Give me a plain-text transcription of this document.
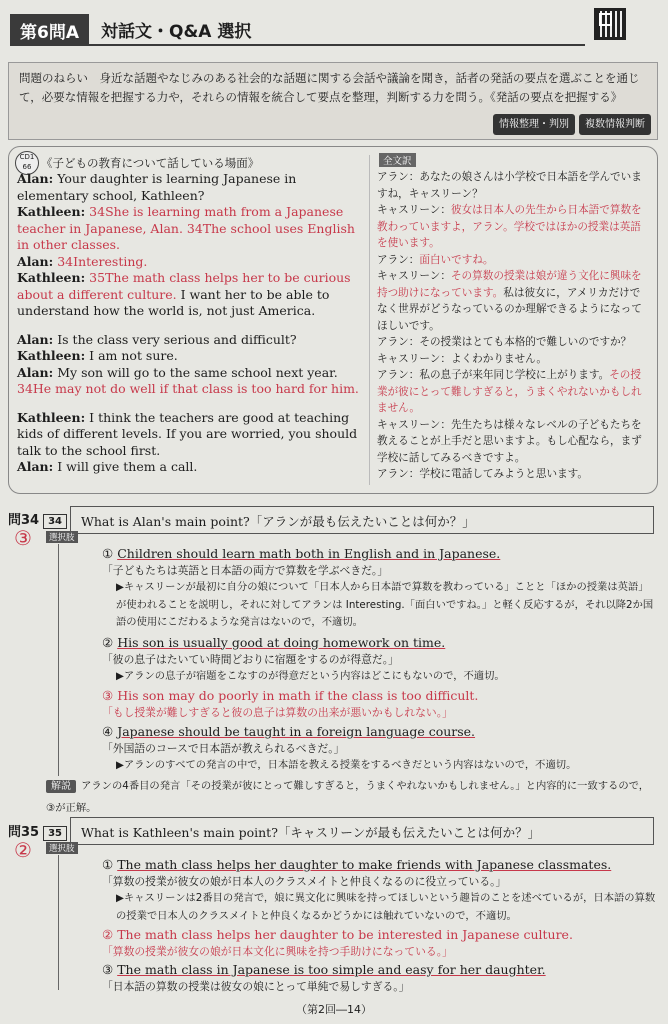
第6問A	対話文・Q&A 選択
問題のねらい　身近な話題やなじみのある社会的な話題に関する会話や議論を聞き，話者の発話の要点を選ぶことを通じて，必要な情報を把握する力や，それらの情報を統合して要点を整理，判断する力を問う。《発話の要点を把握する》
情報整理・判別	複数情報判断
CD1 66 《子どもの教育について話している場面》	全文訳
Alan: Your daughter is learning Japanese in elementary school, Kathleen?
Kathleen: 34She is learning math from a Japanese teacher in Japanese, Alan. 34The school uses English in other classes.
Alan: 34Interesting.
Kathleen: 35The math class helps her to be curious about a different culture. I want her to be able to understand how the world is, not just America.
Alan: Is the class very serious and difficult?
Kathleen: I am not sure.
Alan: My son will go to the same school next year. 34He may not do well if that class is too hard for him.
Kathleen: I think the teachers are good at teaching kids of different levels. If you are worried, you should talk to the school first.
Alan: I will give them a call.
アラン：あなたの娘さんは小学校で日本語を学んでいますね，キャスリーン？
キャスリーン：彼女は日本人の先生から日本語で算数を教わっていますよ，アラン。学校ではほかの授業は英語を使います。
アラン：面白いですね。
キャスリーン：その算数の授業は娘が違う文化に興味を持つ助けになっています。私は彼女に，アメリカだけでなく世界がどうなっているのか理解できるようになってほしいです。
アラン：その授業はとても本格的で難しいのですか？
キャスリーン：よくわかりません。
アラン：私の息子が来年同じ学校に上がります。その授業が彼にとって難しすぎると，うまくやれないかもしれません。
キャスリーン：先生たちは様々なレベルの子どもたちを教えることが上手だと思いますよ。もし心配なら，まず学校に話してみるべきですよ。
アラン：学校に電話してみようと思います。
問34 34
③
What is Alan's main point?「アランが最も伝えたいことは何か？」
選択肢
① Children should learn math both in English and in Japanese.
「子どもたちは英語と日本語の両方で算数を学ぶべきだ。」
▶キャスリーンが最初に自分の娘について「日本人から日本語で算数を教わっている」ことと「ほかの授業は英語」が使われることを説明し，それに対してアランは Interesting.「面白いですね。」と軽く反応するが，それ以降2か国語の使用にこだわるような発言はないので，不適切。
② His son is usually good at doing homework on time.
「彼の息子はたいてい時間どおりに宿題をするのが得意だ。」
▶アランの息子が宿題をこなすのが得意だという内容はどこにもないので，不適切。
③ His son may do poorly in math if the class is too difficult.
「もし授業が難しすぎると彼の息子は算数の出来が悪いかもしれない。」
④ Japanese should be taught in a foreign language course.
「外国語のコースで日本語が教えられるべきだ。」
▶アランのすべての発言の中で，日本語を教える授業をするべきだという内容はないので，不適切。
解説 アランの4番目の発言「その授業が彼にとって難しすぎると，うまくやれないかもしれません。」と内容的に一致するので，③が正解。
問35 35
②
What is Kathleen's main point?「キャスリーンが最も伝えたいことは何か？」
選択肢
① The math class helps her daughter to make friends with Japanese classmates.
「算数の授業が彼女の娘が日本人のクラスメイトと仲良くなるのに役立っている。」
▶キャスリーンは2番目の発言で，娘に異文化に興味を持ってほしいという趣旨のことを述べているが，日本語の算数の授業で日本人のクラスメイトと仲良くなるかどうかには触れていないので，不適切。
② The math class helps her daughter to be interested in Japanese culture.
「算数の授業が彼女の娘が日本文化に興味を持つ手助けになっている。」
③ The math class in Japanese is too simple and easy for her daughter.
「日本語の算数の授業は彼女の娘にとって単純で易しすぎる。」
（第2回―14）
